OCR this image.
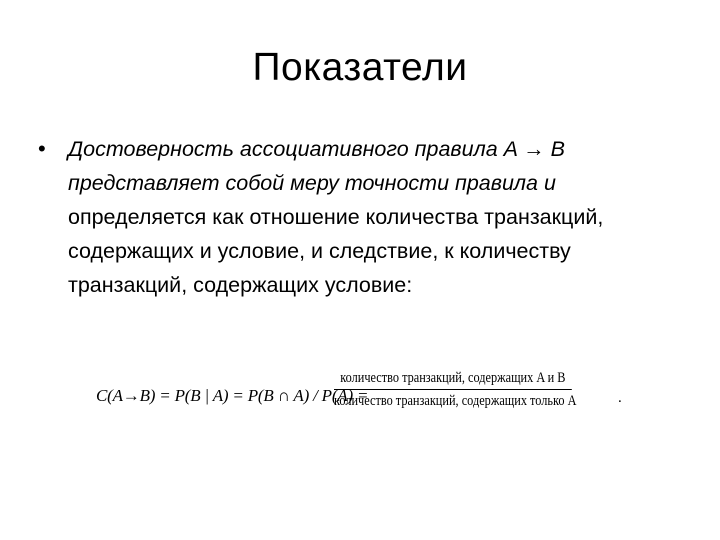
Показатели
•	Достоверность ассоциативного правила A → B представляет собой меру точности правила и определяется как отношение количества транзакций, содержащих и условие, и следствие, к количеству транзакций, содержащих условие:
C(A→B) = P(B | A) = P(B ∩ A) / P(A) =
количество транзакций, содержащих A и B
количество транзакций, содержащих только A	.
